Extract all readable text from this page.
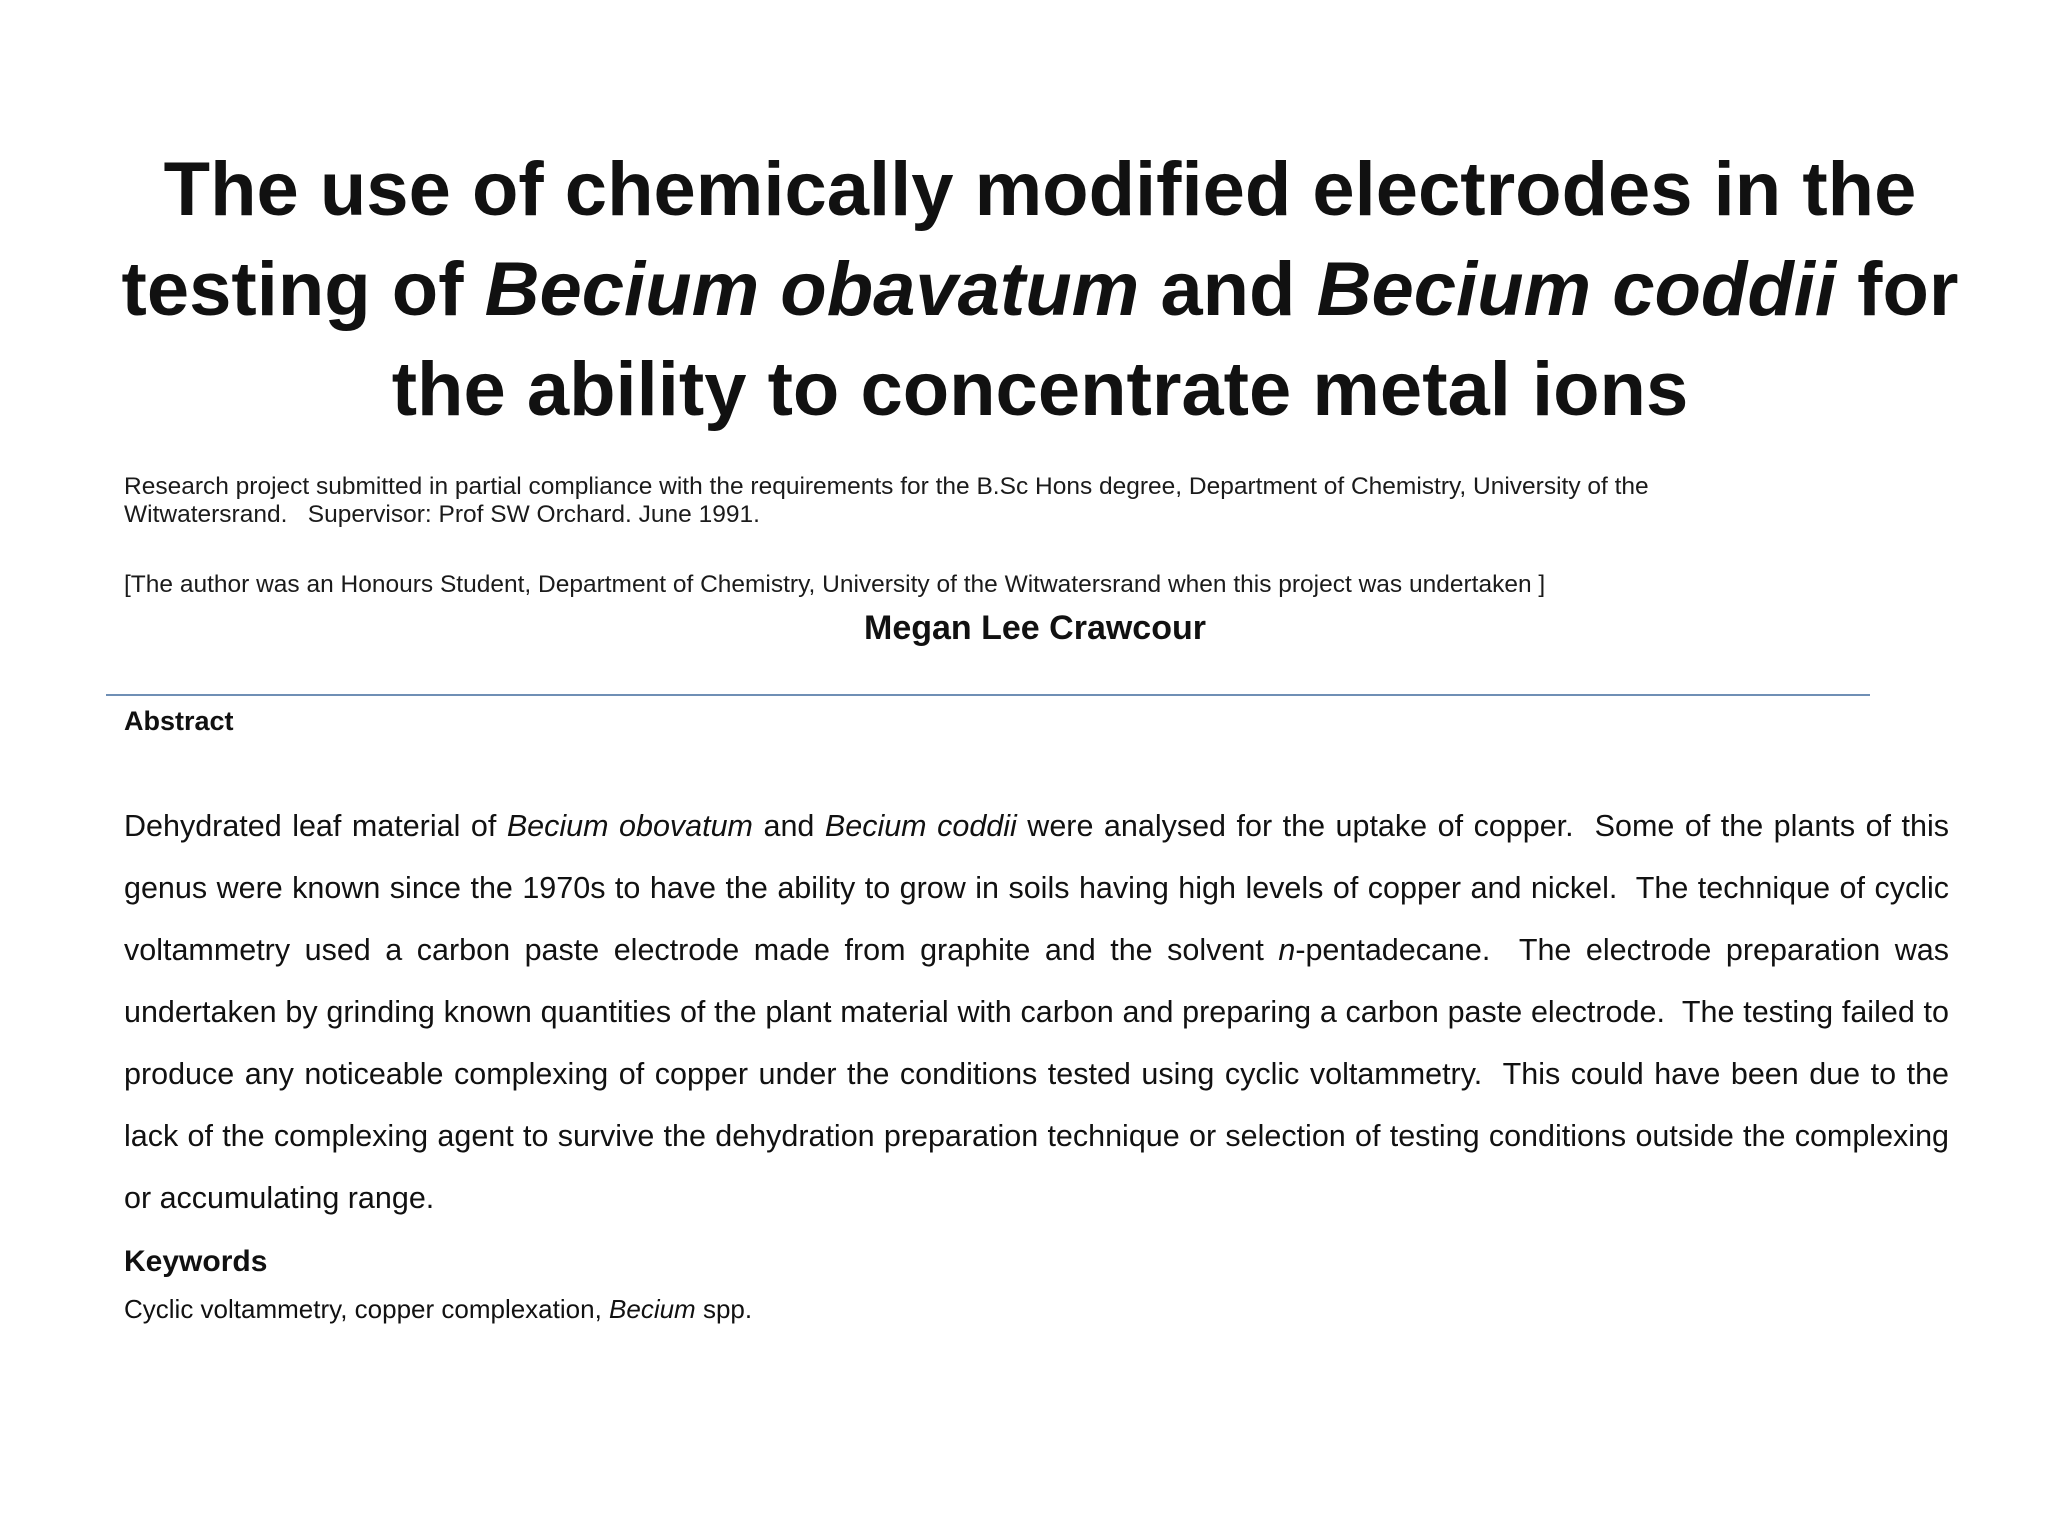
The use of chemically modified electrodes in the testing of Becium obavatum and Becium coddii for the ability to concentrate metal ions

Research project submitted in partial compliance with the requirements for the B.Sc Hons degree, Department of Chemistry, University of the Witwatersrand.   Supervisor: Prof SW Orchard. June 1991.

[The author was an Honours Student, Department of Chemistry, University of the Witwatersrand when this project was undertaken ]

Megan Lee Crawcour

Abstract

Dehydrated leaf material of Becium obovatum and Becium coddii were analysed for the uptake of copper.  Some of the plants of this genus were known since the 1970s to have the ability to grow in soils having high levels of copper and nickel.  The technique of cyclic voltammetry used a carbon paste electrode made from graphite and the solvent n-pentadecane.  The electrode preparation was undertaken by grinding known quantities of the plant material with carbon and preparing a carbon paste electrode.  The testing failed to produce any noticeable complexing of copper under the conditions tested using cyclic voltammetry.  This could have been due to the lack of the complexing agent to survive the dehydration preparation technique or selection of testing conditions outside the complexing or accumulating range.

Keywords

Cyclic voltammetry, copper complexation, Becium spp.
